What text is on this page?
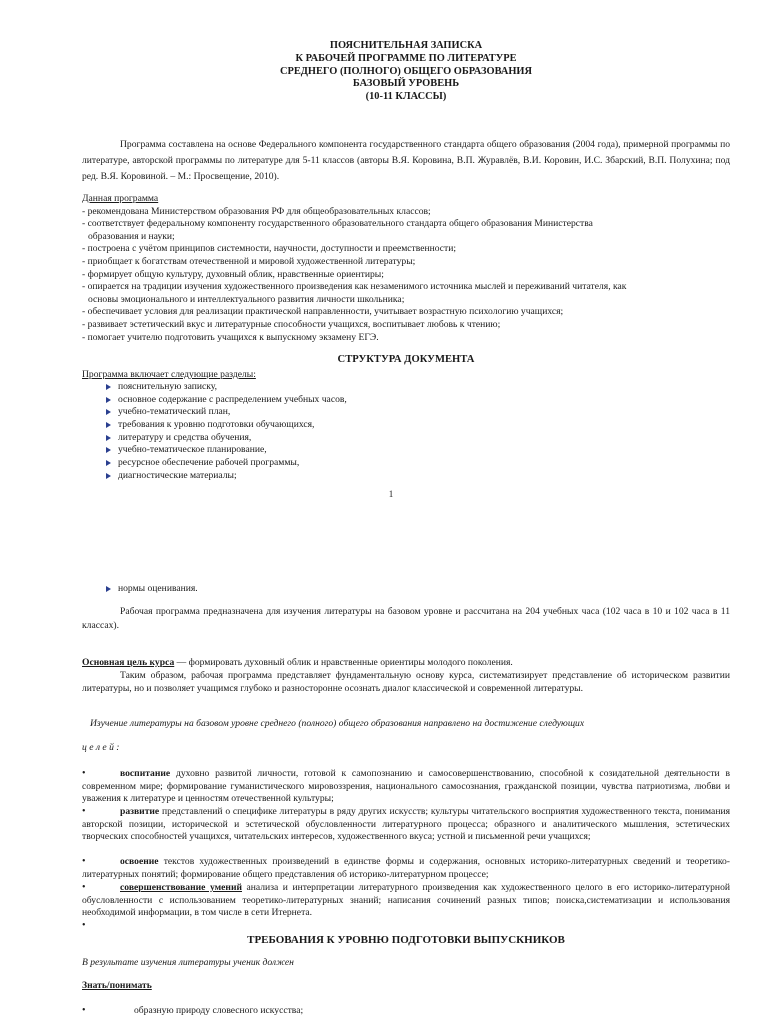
ПОЯСНИТЕЛЬНАЯ ЗАПИСКА
К РАБОЧЕЙ ПРОГРАММЕ ПО ЛИТЕРАТУРЕ
СРЕДНЕГО (ПОЛНОГО) ОБЩЕГО ОБРАЗОВАНИЯ
БАЗОВЫЙ УРОВЕНЬ
(10-11 КЛАССЫ)
Программа составлена на основе Федерального компонента государственного стандарта общего образования (2004 года), примерной программы по литературе, авторской программы по литературе для 5-11 классов (авторы В.Я. Коровина, В.П. Журавлёв, В.И. Коровин, И.С. Збарский, В.П. Полухина; под ред. В.Я. Коровиной. – М.: Просвещение, 2010).
Данная программа
- рекомендована Министерством образования РФ для общеобразовательных классов;
- соответствует федеральному компоненту государственного образовательного стандарта общего образования Министерства
образования и науки;
- построена с учётом принципов системности, научности, доступности и преемственности;
- приобщает к богатствам отечественной и мировой художественной литературы;
- формирует общую культуру, духовный облик, нравственные ориентиры;
- опирается на традиции изучения художественного произведения как незаменимого источника мыслей и переживаний читателя, как
основы эмоционального и интеллектуального развития личности школьника;
- обеспечивает условия для реализации практической направленности, учитывает возрастную психологию учащихся;
- развивает эстетический вкус и литературные способности учащихся, воспитывает любовь к чтению;
- помогает учителю подготовить учащихся к выпускному экзамену ЕГЭ.
СТРУКТУРА ДОКУМЕНТА
Программа включает следующие разделы:
пояснительную записку,
основное содержание с распределением учебных часов,
учебно-тематический план,
требования к уровню подготовки обучающихся,
литературу и средства обучения,
учебно-тематическое планирование,
ресурсное обеспечение рабочей программы,
диагностические материалы;
1
нормы оценивания.
Рабочая программа предназначена для изучения литературы на базовом уровне и рассчитана на 204 учебных часа (102 часа в 10 и 102 часа в 11 классах).
Основная цель курса — формировать духовный облик и нравственные ориентиры молодого поколения.
Таким образом, рабочая программа представляет фундаментальную основу курса, систематизирует представление об историческом развитии литературы, но и позволяет учащимся глубоко и разносторонне осознать диалог классической и современной литературы.
Изучение литературы на базовом уровне среднего (полного) общего образования направлено на достижение следующих
ц е л е й :
•	воспитание духовно развитой личности, готовой к самопознанию и самосовершенствованию, способной к созидательной деятельности в современном мире; формирование гуманистического мировоззрения, национального самосознания, гражданской позиции, чувства патриотизма, любви и уважения к литературе и ценностям отечественной культуры;
•	развитие представлений о специфике литературы в ряду других искусств; культуры читательского восприятия художественного текста, понимания авторской позиции, исторической и эстетической обусловленности литературного процесса; образного и аналитического мышления, эстетических творческих способностей учащихся, читательских интересов, художественного вкуса; устной и письменной речи учащихся;
•	освоение текстов художественных произведений в единстве формы и содержания, основных историко-литературных сведений и теоретико-литературных понятий; формирование общего представления об историко-литературном процессе;
•	совершенствование умений анализа и интерпретации литературного произведения как художественного целого в его историко-литературной обусловленности с использованием теоретико-литературных знаний; написания сочинений разных типов; поиска,систематизации и использования необходимой информации, в том числе в сети Итернета.
•
ТРЕБОВАНИЯ К УРОВНЮ ПОДГОТОВКИ ВЫПУСКНИКОВ
В результате изучения литературы ученик должен
Знать/понимать
•	образную природу словесного искусства;
